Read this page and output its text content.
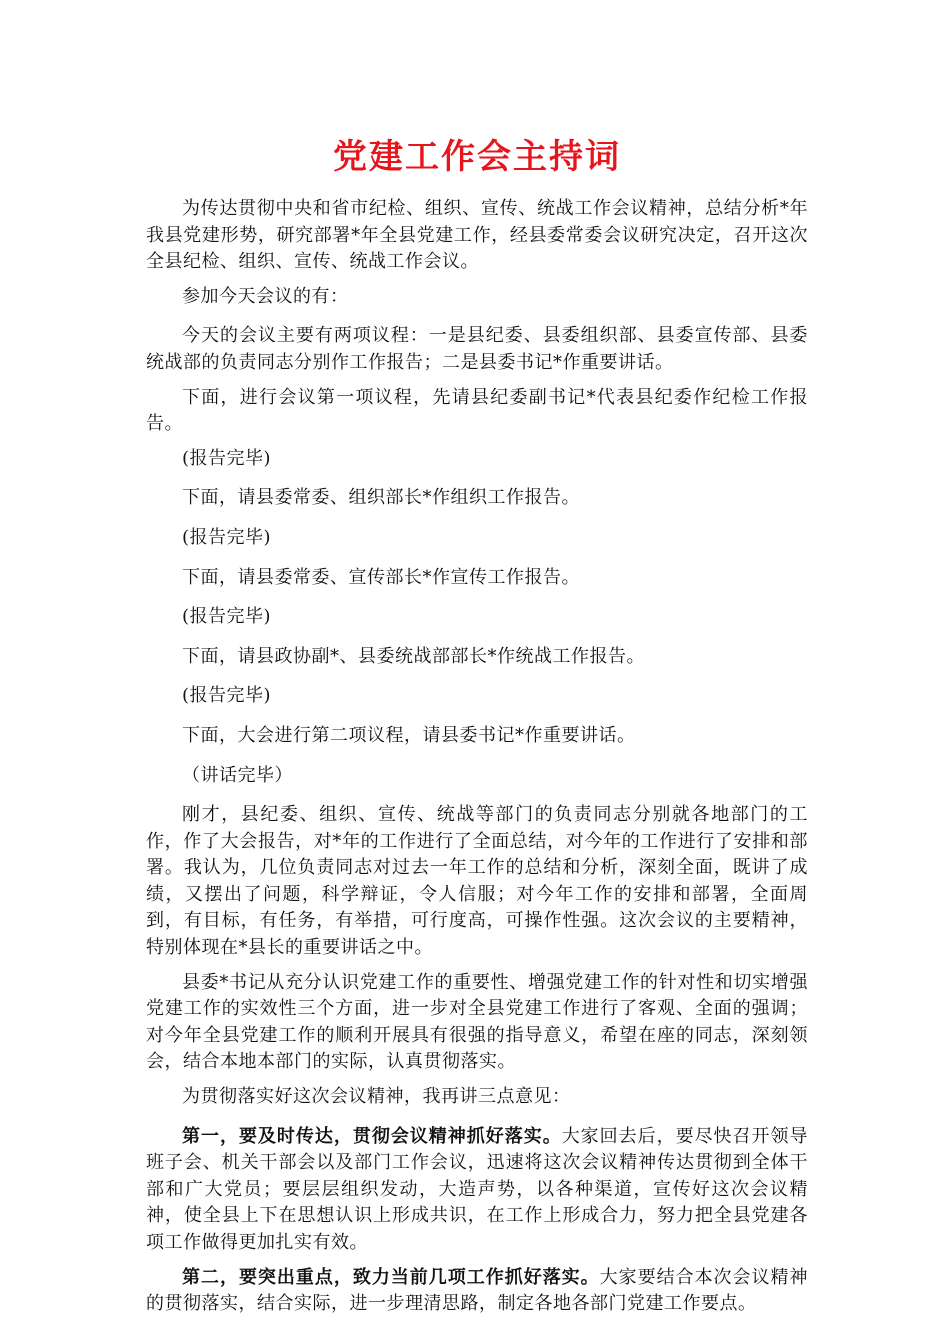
党建工作会主持词

为传达贯彻中央和省市纪检、组织、宣传、统战工作会议精神，总结分析*年我县党建形势，研究部署*年全县党建工作，经县委常委会议研究决定，召开这次全县纪检、组织、宣传、统战工作会议。

参加今天会议的有：

今天的会议主要有两项议程：一是县纪委、县委组织部、县委宣传部、县委统战部的负责同志分别作工作报告；二是县委书记*作重要讲话。

下面，进行会议第一项议程，先请县纪委副书记*代表县纪委作纪检工作报告。

(报告完毕)

下面，请县委常委、组织部长*作组织工作报告。

(报告完毕)

下面，请县委常委、宣传部长*作宣传工作报告。

(报告完毕)

下面，请县政协副*、县委统战部部长*作统战工作报告。

(报告完毕)

下面，大会进行第二项议程，请县委书记*作重要讲话。

（讲话完毕）

刚才，县纪委、组织、宣传、统战等部门的负责同志分别就各地部门的工作，作了大会报告，对*年的工作进行了全面总结，对今年的工作进行了安排和部署。我认为，几位负责同志对过去一年工作的总结和分析，深刻全面，既讲了成绩，又摆出了问题，科学辩证，令人信服；对今年工作的安排和部署，全面周到，有目标，有任务，有举措，可行度高，可操作性强。这次会议的主要精神，特别体现在*县长的重要讲话之中。

县委*书记从充分认识党建工作的重要性、增强党建工作的针对性和切实增强党建工作的实效性三个方面，进一步对全县党建工作进行了客观、全面的强调；对今年全县党建工作的顺利开展具有很强的指导意义，希望在座的同志，深刻领会，结合本地本部门的实际，认真贯彻落实。

为贯彻落实好这次会议精神，我再讲三点意见：

第一，要及时传达，贯彻会议精神抓好落实。大家回去后，要尽快召开领导班子会、机关干部会以及部门工作会议，迅速将这次会议精神传达贯彻到全体干部和广大党员；要层层组织发动，大造声势，以各种渠道，宣传好这次会议精神，使全县上下在思想认识上形成共识，在工作上形成合力，努力把全县党建各项工作做得更加扎实有效。

第二，要突出重点，致力当前几项工作抓好落实。大家要结合本次会议精神的贯彻落实，结合实际，进一步理清思路，制定各地各部门党建工作要点。
